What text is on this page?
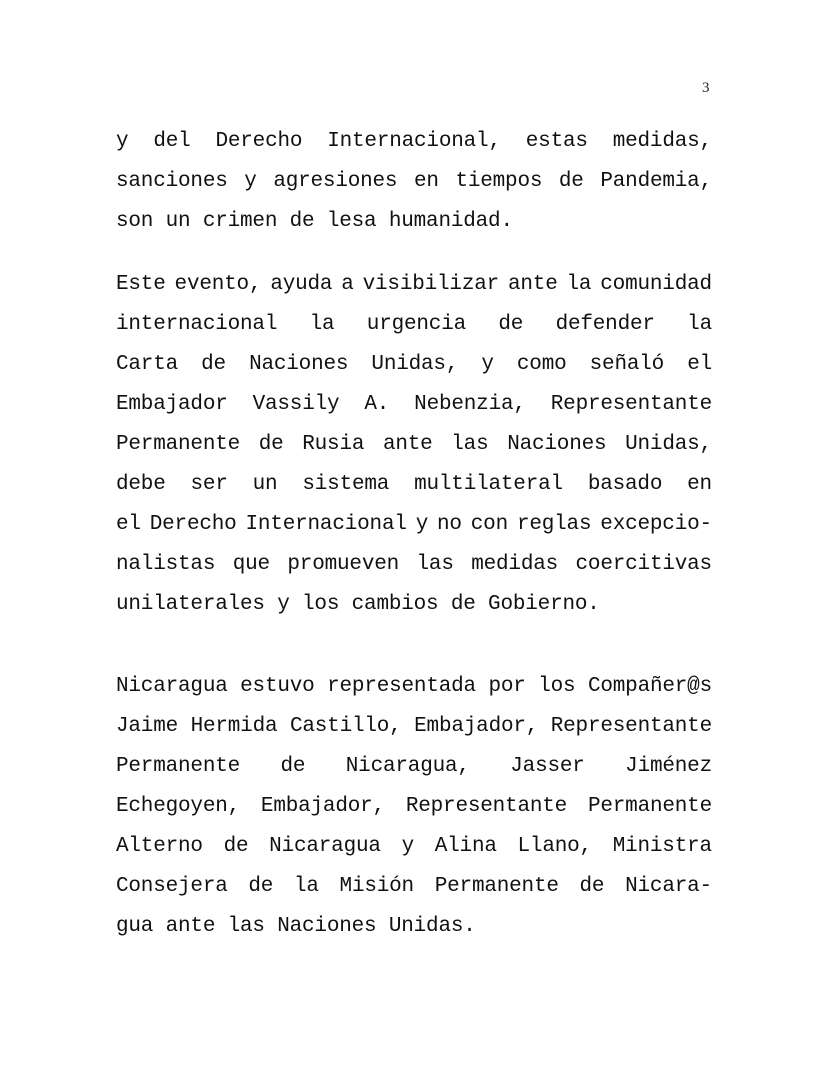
3
y del Derecho Internacional, estas medidas,
sanciones y agresiones en tiempos de Pandemia,
son un crimen de lesa humanidad.
Este evento, ayuda a visibilizar ante la comunidad
internacional la urgencia de defender la
Carta de Naciones Unidas, y como señaló el
Embajador Vassily A. Nebenzia, Representante
Permanente de Rusia ante las Naciones Unidas,
debe ser un sistema multilateral basado en
el Derecho Internacional y no con reglas excepcio-
nalistas que promueven las medidas coercitivas
unilaterales y los cambios de Gobierno.
Nicaragua estuvo representada por los Compañer@s
Jaime Hermida Castillo, Embajador, Representante
Permanente de Nicaragua, Jasser Jiménez
Echegoyen, Embajador, Representante Permanente
Alterno de Nicaragua y Alina Llano, Ministra
Consejera de la Misión Permanente de Nicara-
gua ante las Naciones Unidas.
